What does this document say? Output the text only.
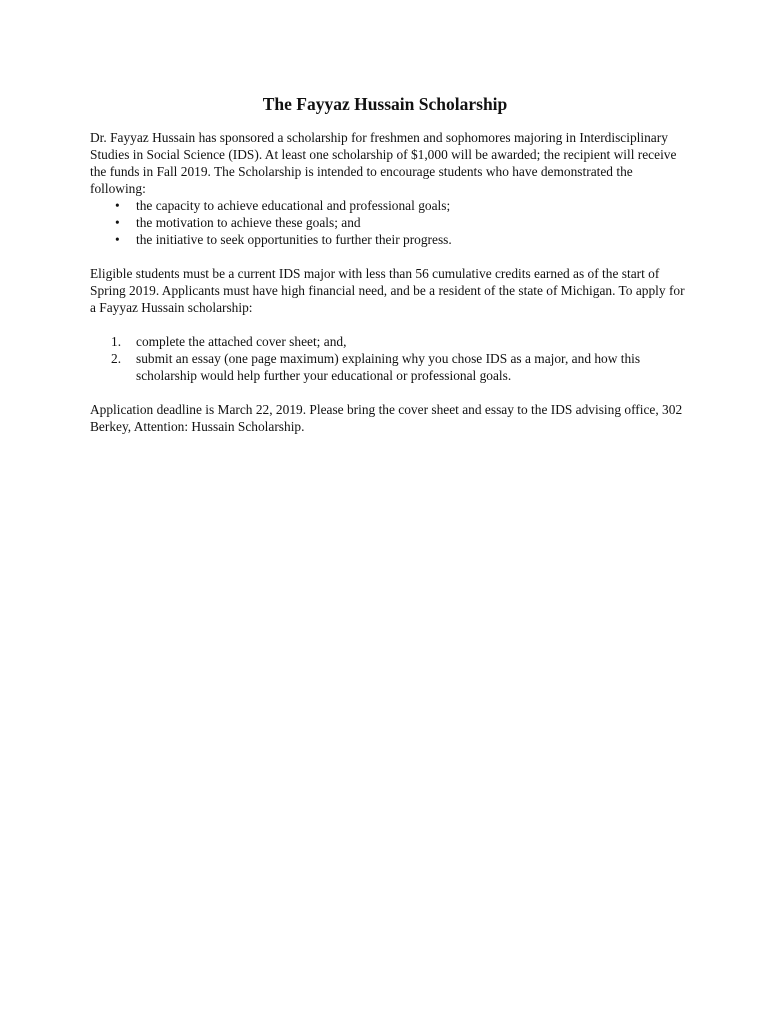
The Fayyaz Hussain Scholarship

Dr. Fayyaz Hussain has sponsored a scholarship for freshmen and sophomores majoring in Interdisciplinary Studies in Social Science (IDS). At least one scholarship of $1,000 will be awarded; the recipient will receive the funds in Fall 2019. The Scholarship is intended to encourage students who have demonstrated the following:

• the capacity to achieve educational and professional goals;
• the motivation to achieve these goals; and
• the initiative to seek opportunities to further their progress.

Eligible students must be a current IDS major with less than 56 cumulative credits earned as of the start of Spring 2019. Applicants must have high financial need, and be a resident of the state of Michigan. To apply for a Fayyaz Hussain scholarship:

1. complete the attached cover sheet; and,
2. submit an essay (one page maximum) explaining why you chose IDS as a major, and how this scholarship would help further your educational or professional goals.

Application deadline is March 22, 2019. Please bring the cover sheet and essay to the IDS advising office, 302 Berkey, Attention: Hussain Scholarship.
